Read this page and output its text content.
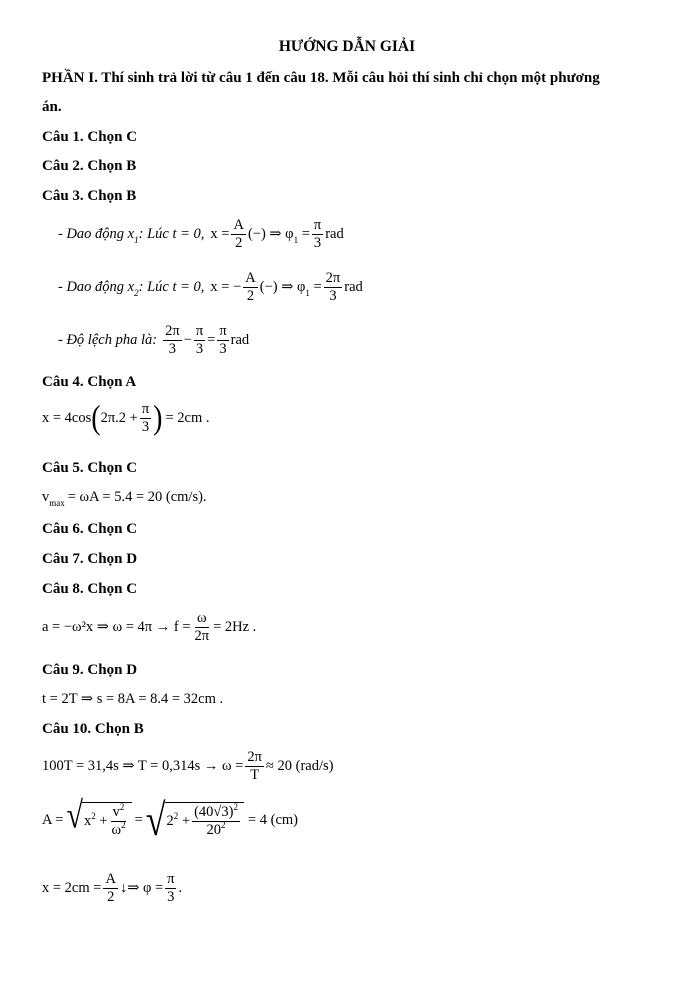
HƯỚNG DẪN GIẢI
PHẦN I. Thí sinh trả lời từ câu 1 đến câu 18. Mỗi câu hỏi thí sinh chỉ chọn một phương
án.
Câu 1. Chọn C
Câu 2. Chọn B
Câu 3. Chọn B
- Dao động x 1 : Lúc t = 0, $x = \frac{A}{2}$ (−) ⇒ φ $1 = \frac{\pi}{3}$ rad
- Dao động x 2 : Lúc t = 0, x = − $\frac{A}{2}$ (−) ⇒ φ $1 = \frac{2\pi}{3}$ rad
- Độ lệch pha là: $\frac{2\pi}{3} - \frac{\pi}{3} = \frac{\pi}{3}$ rad
Câu 4. Chọn A
x = 4cos ( $2\pi.2 + \frac{\pi}{3}$ ) = 2cm .
Câu 5. Chọn C
v max = ωA = 5.4 = 20 (cm/s).
Câu 6. Chọn C
Câu 7. Chọn D
Câu 8. Chọn C
a = −ω²x ⇒ $\omega = 4\pi \to f = \frac{\omega}{2\pi} = 2Hz$ .
Câu 9. Chọn D
t = 2T ⇒ s = 8A = 8.4 = 32cm .
Câu 10. Chọn B
100T = 31,4s ⇒ $T = 0,314s \to \omega = \frac{2\pi}{T} \approx 20$ (rad/s)
A = √ x $2 + \frac{v^2}{\omega^2}$ = √ 2 $2 + \frac{(40√3)^2}{20^2} = 4$ (cm)
$x = 2cm = \frac{A}{2}$ ↓⇒ $\varphi = \frac{\pi}{3}$ .
